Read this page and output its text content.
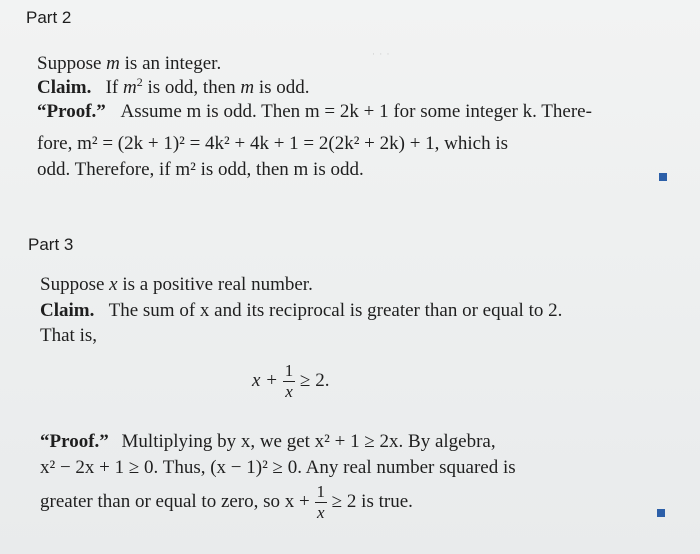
Part 2
· · ·
Suppose m is an integer.
Claim. If $m^2$ is odd, then m is odd.
“Proof.” Assume m is odd. Then m = 2k + 1 for some integer k. There-
fore, m² = (2k + 1)² = 4k² + 4k + 1 = 2(2k² + 2k) + 1, which is
odd. Therefore, if m² is odd, then m is odd.
Part 3
Suppose x is a positive real number.
Claim. The sum of x and its reciprocal is greater than or equal to 2.
That is,
$x + \frac{1}{x} \ge 2$.
“Proof.” Multiplying by x, we get x² + 1 ≥ 2x. By algebra,
x² − 2x + 1 ≥ 0. Thus, (x − 1)² ≥ 0. Any real number squared is
greater than or equal to zero, so $x + \frac{1}{x} \ge 2$ is true.
